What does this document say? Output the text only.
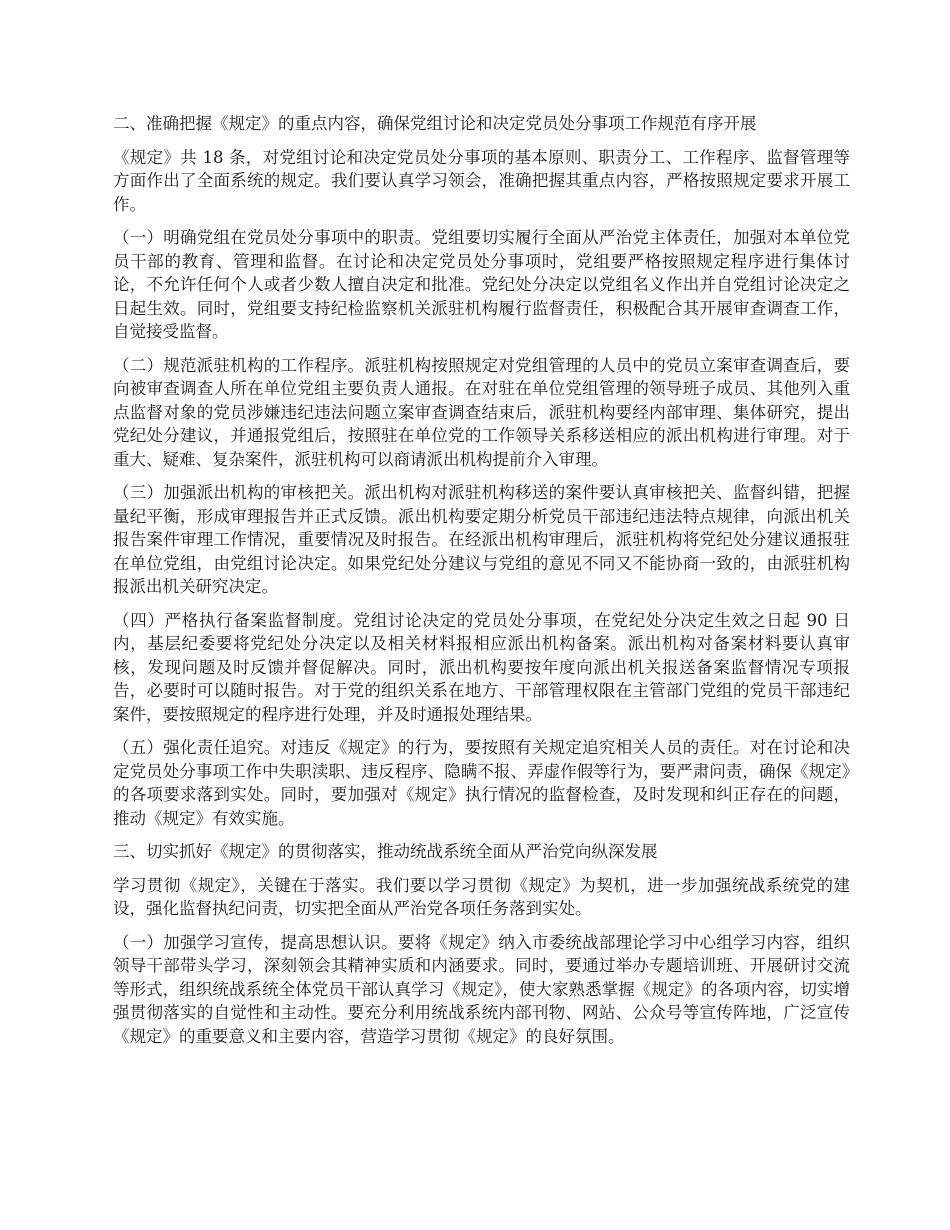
二、准确把握《规定》的重点内容，确保党组讨论和决定党员处分事项工作规范有序开展

《规定》共 18 条，对党组讨论和决定党员处分事项的基本原则、职责分工、工作程序、监督管理等方面作出了全面系统的规定。我们要认真学习领会，准确把握其重点内容，严格按照规定要求开展工作。

（一）明确党组在党员处分事项中的职责。党组要切实履行全面从严治党主体责任，加强对本单位党员干部的教育、管理和监督。在讨论和决定党员处分事项时，党组要严格按照规定程序进行集体讨论，不允许任何个人或者少数人擅自决定和批准。党纪处分决定以党组名义作出并自党组讨论决定之日起生效。同时，党组要支持纪检监察机关派驻机构履行监督责任，积极配合其开展审查调查工作，自觉接受监督。

（二）规范派驻机构的工作程序。派驻机构按照规定对党组管理的人员中的党员立案审查调查后，要向被审查调查人所在单位党组主要负责人通报。在对驻在单位党组管理的领导班子成员、其他列入重点监督对象的党员涉嫌违纪违法问题立案审查调查结束后，派驻机构要经内部审理、集体研究，提出党纪处分建议，并通报党组后，按照驻在单位党的工作领导关系移送相应的派出机构进行审理。对于重大、疑难、复杂案件，派驻机构可以商请派出机构提前介入审理。

（三）加强派出机构的审核把关。派出机构对派驻机构移送的案件要认真审核把关、监督纠错，把握量纪平衡，形成审理报告并正式反馈。派出机构要定期分析党员干部违纪违法特点规律，向派出机关报告案件审理工作情况，重要情况及时报告。在经派出机构审理后，派驻机构将党纪处分建议通报驻在单位党组，由党组讨论决定。如果党纪处分建议与党组的意见不同又不能协商一致的，由派驻机构报派出机关研究决定。

（四）严格执行备案监督制度。党组讨论决定的党员处分事项，在党纪处分决定生效之日起 90 日内，基层纪委要将党纪处分决定以及相关材料报相应派出机构备案。派出机构对备案材料要认真审核，发现问题及时反馈并督促解决。同时，派出机构要按年度向派出机关报送备案监督情况专项报告，必要时可以随时报告。对于党的组织关系在地方、干部管理权限在主管部门党组的党员干部违纪案件，要按照规定的程序进行处理，并及时通报处理结果。

（五）强化责任追究。对违反《规定》的行为，要按照有关规定追究相关人员的责任。对在讨论和决定党员处分事项工作中失职渎职、违反程序、隐瞒不报、弄虚作假等行为，要严肃问责，确保《规定》的各项要求落到实处。同时，要加强对《规定》执行情况的监督检查，及时发现和纠正存在的问题，推动《规定》有效实施。

三、切实抓好《规定》的贯彻落实，推动统战系统全面从严治党向纵深发展

学习贯彻《规定》，关键在于落实。我们要以学习贯彻《规定》为契机，进一步加强统战系统党的建设，强化监督执纪问责，切实把全面从严治党各项任务落到实处。

（一）加强学习宣传，提高思想认识。要将《规定》纳入市委统战部理论学习中心组学习内容，组织领导干部带头学习，深刻领会其精神实质和内涵要求。同时，要通过举办专题培训班、开展研讨交流等形式，组织统战系统全体党员干部认真学习《规定》，使大家熟悉掌握《规定》的各项内容，切实增强贯彻落实的自觉性和主动性。要充分利用统战系统内部刊物、网站、公众号等宣传阵地，广泛宣传《规定》的重要意义和主要内容，营造学习贯彻《规定》的良好氛围。
